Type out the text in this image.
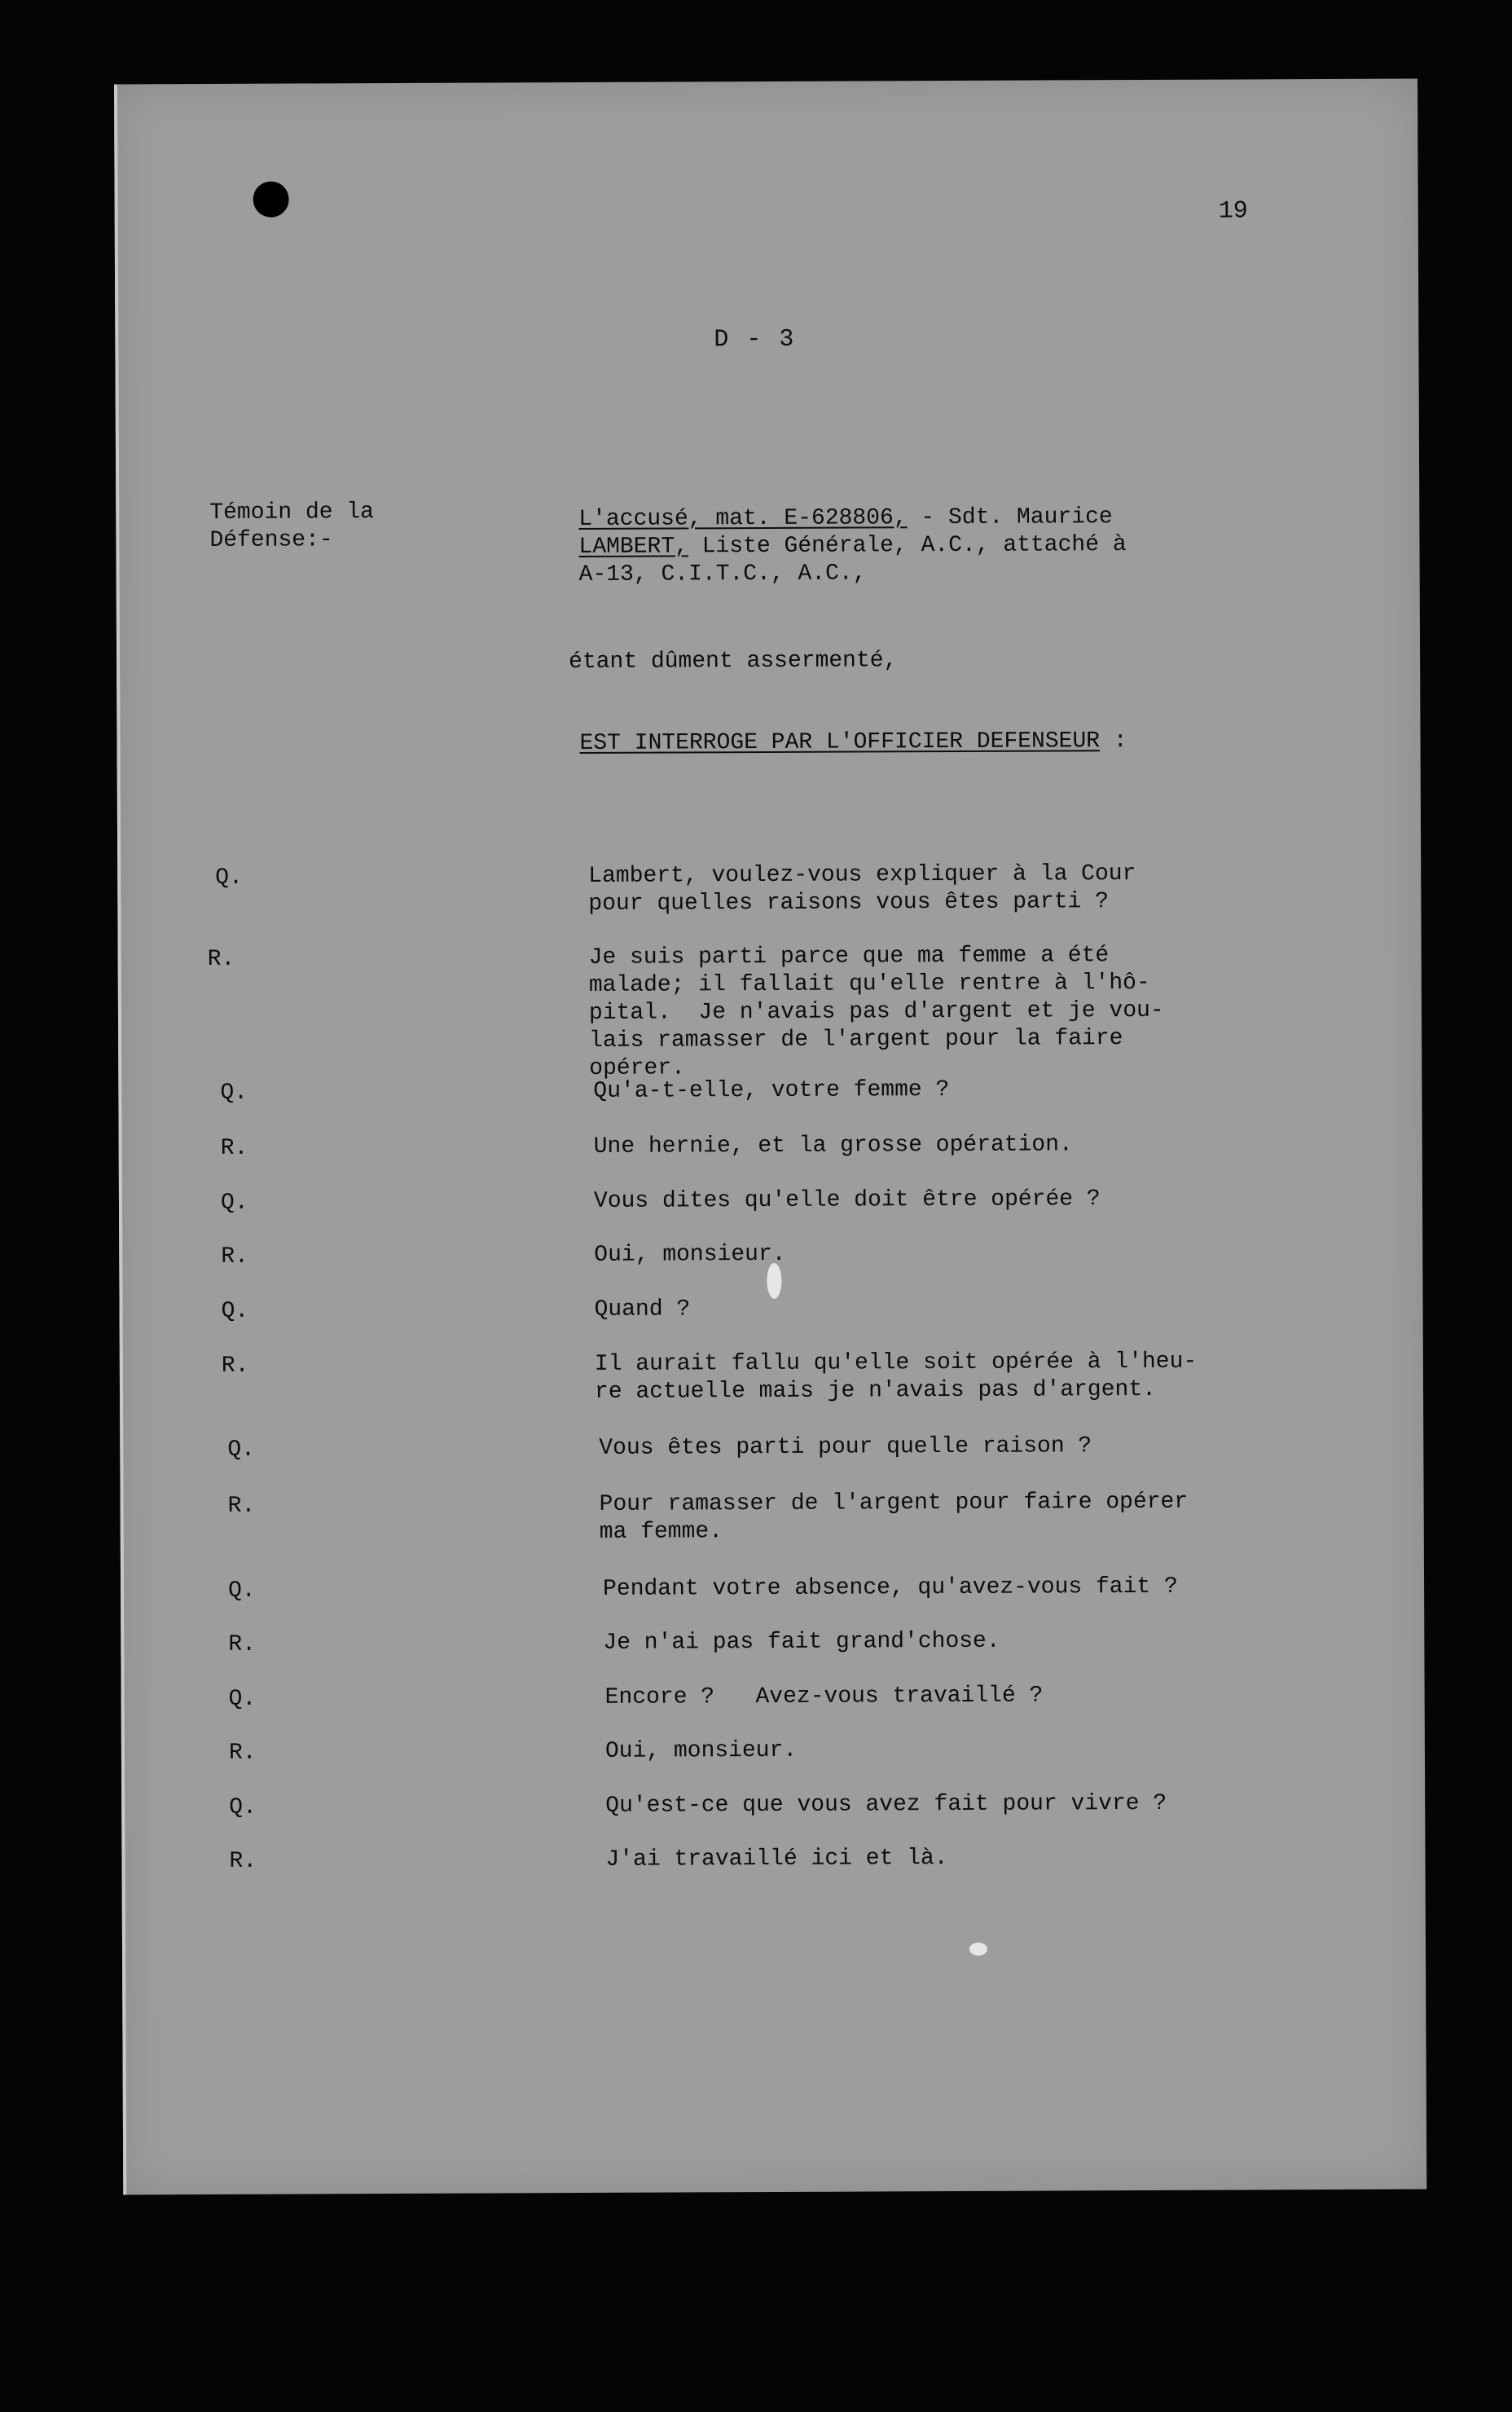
19
D - 3
Témoin de la
Défense:-
L'accusé, mat. E-628806, - Sdt. Maurice
LAMBERT, Liste Générale, A.C., attaché à
A-13, C.I.T.C., A.C.,
étant dûment assermenté,
EST INTERROGE PAR L'OFFICIER DEFENSEUR :
Q.	Lambert, voulez-vous expliquer à la Cour
pour quelles raisons vous êtes parti ?
R.	Je suis parti parce que ma femme a été
malade; il fallait qu'elle rentre à l'hô-
pital.  Je n'avais pas d'argent et je vou-
lais ramasser de l'argent pour la faire
opérer.
Q.	Qu'a-t-elle, votre femme ?
R.	Une hernie, et la grosse opération.
Q.	Vous dites qu'elle doit être opérée ?
R.	Oui, monsieur.
Q.	Quand ?
R.	Il aurait fallu qu'elle soit opérée à l'heu-
re actuelle mais je n'avais pas d'argent.
Q.	Vous êtes parti pour quelle raison ?
R.	Pour ramasser de l'argent pour faire opérer
ma femme.
Q.	Pendant votre absence, qu'avez-vous fait ?
R.	Je n'ai pas fait grand'chose.
Q.	Encore ?   Avez-vous travaillé ?
R.	Oui, monsieur.
Q.	Qu'est-ce que vous avez fait pour vivre ?
R.	J'ai travaillé ici et là.
